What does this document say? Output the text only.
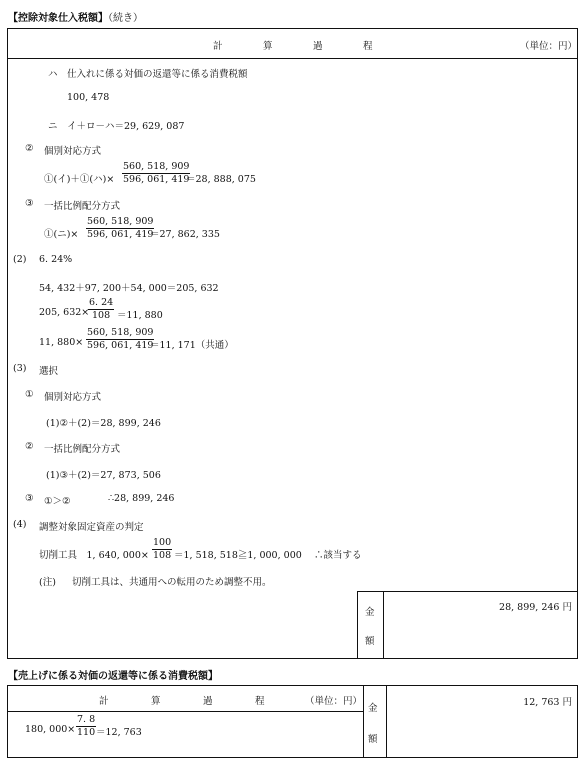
【控除対象仕入税額】（続き）
計	算	過	程	（単位：円）
ハ 仕入れに係る対価の返還等に係る消費税額
100, 478
ニ イ＋ロ－ハ＝29, 629, 087
② 個別対応方式
①(イ)＋①(ハ)× $\frac{560, 518, 909}{596, 061, 419}$
＝28, 888, 075
③ 一括比例配分方式
①(ニ)× $\frac{560, 518, 909}{596, 061, 419}$
＝27, 862, 335
(2) 6. 24%
54, 432＋97, 200＋54, 000＝205, 632
205, 632×
$\frac{6. 24}{108} =11$, 880
11, $880\times \frac{560, 518, 909}{596, 061, 419}$
＝11, 171（共通）
(3) 選択
① 個別対応方式
(1)②＋(2)＝28, 899, 246
② 一括比例配分方式
(1)③＋(2)＝27, 873, 506
③ ①＞②	∴28, 899, 246
(4) 調整対象固定資産の判定
切削工具　1, 640, $000\times \frac{100}{108} =1$, 518, 518≧1, 000, 000 ∴該当する
(注) 切削工具は、共通用への転用のため調整不用。
金
額
28, 899, 246 円
【売上げに係る対価の返還等に係る消費税額】
計	算	過	程	（単位：円）
180, $000\times \frac{7. 8}{110} =12$, 763
金
額
12, 763 円
